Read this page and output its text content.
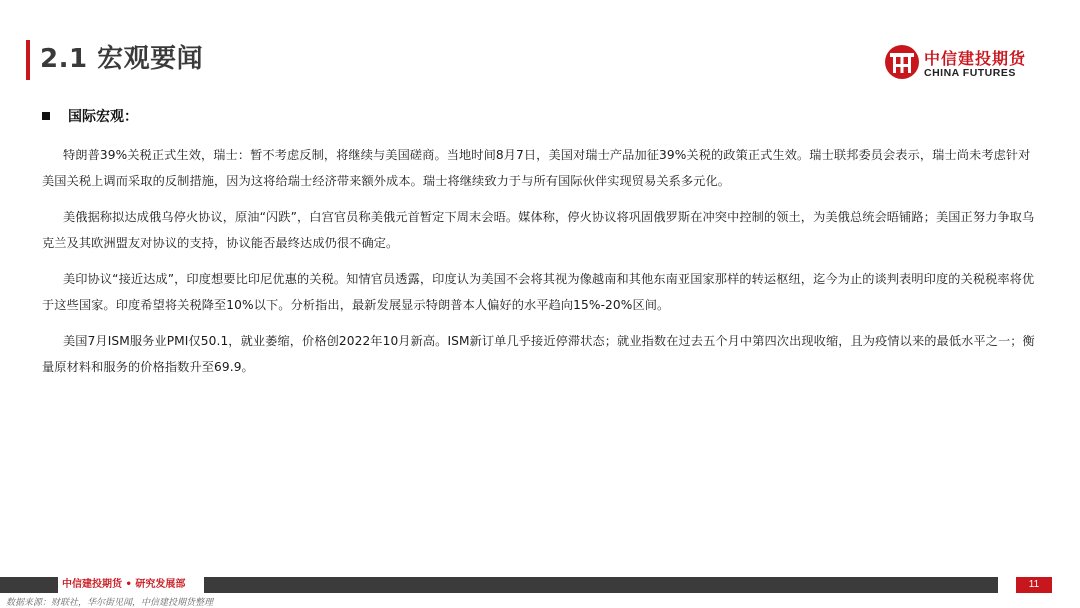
2.1 宏观要闻	中信建投期货
CHINA FUTURES
国际宏观：

特朗普39%关税正式生效，瑞士：暂不考虑反制，将继续与美国磋商。当地时间8月7日，美国对瑞士产品加征39%关税的政策正式生效。瑞士联邦委员会表示，瑞士尚未考虑针对美国关税上调而采取的反制措施，因为这将给瑞士经济带来额外成本。瑞士将继续致力于与所有国际伙伴实现贸易关系多元化。

美俄据称拟达成俄乌停火协议，原油“闪跌”，白宫官员称美俄元首暂定下周末会晤。媒体称，停火协议将巩固俄罗斯在冲突中控制的领土，为美俄总统会晤铺路；美国正努力争取乌克兰及其欧洲盟友对协议的支持，协议能否最终达成仍很不确定。

美印协议“接近达成”，印度想要比印尼优惠的关税。知情官员透露，印度认为美国不会将其视为像越南和其他东南亚国家那样的转运枢纽，迄今为止的谈判表明印度的关税税率将优于这些国家。印度希望将关税降至10%以下。分析指出，最新发展显示特朗普本人偏好的水平趋向15%-20%区间。

美国7月ISM服务业PMI仅50.1，就业萎缩，价格创2022年10月新高。ISM新订单几乎接近停滞状态；就业指数在过去五个月中第四次出现收缩，且为疫情以来的最低水平之一；衡量原材料和服务的价格指数升至69.9。

中信建投期货 • 研究发展部	11
数据来源：财联社，华尔街见闻，中信建投期货整理
